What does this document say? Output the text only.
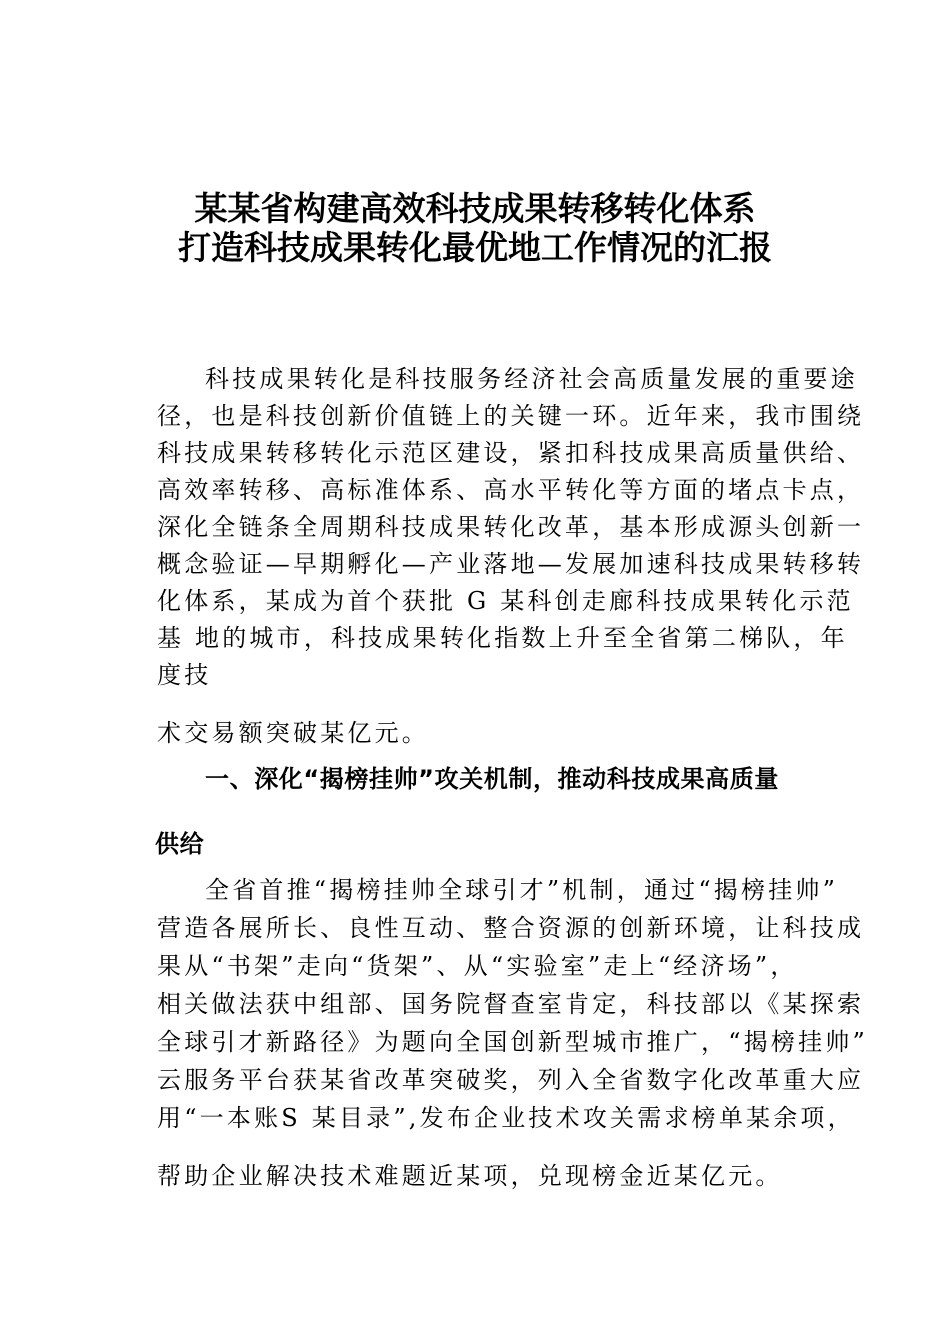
某某省构建高效科技成果转移转化体系
打造科技成果转化最优地工作情况的汇报

科技成果转化是科技服务经济社会高质量发展的重要途

径，也是科技创新价值链上的关键一环。近年来，我市围绕

科技成果转移转化示范区建设，紧扣科技成果高质量供给、

高效率转移、高标准体系、高水平转化等方面的堵点卡点，

深化全链条全周期科技成果转化改革，基本形成源头创新一

概念验证—早期孵化—产业落地—发展加速科技成果转移转

化体系，某成为首个获批 G 某科创走廊科技成果转化示范

基 地的城市，科技成果转化指数上升至全省第二梯队，年

度技

术交易额突破某亿元。

一、深化“揭榜挂帅”攻关机制，推动科技成果高质量
供给

全省首推“揭榜挂帅全球引才”机制，通过“揭榜挂帅”

营造各展所长、良性互动、整合资源的创新环境，让科技成

果从“书架”走向“货架”、从“实验室”走上“经济场”，

相关做法获中组部、国务院督查室肯定，科技部以《某探索

全球引才新路径》为题向全国创新型城市推广，“揭榜挂帅”

云服务平台获某省改革突破奖，列入全省数字化改革重大应

用“一本账S 某目录”,发布企业技术攻关需求榜单某余项，

帮助企业解决技术难题近某项，兑现榜金近某亿元。
